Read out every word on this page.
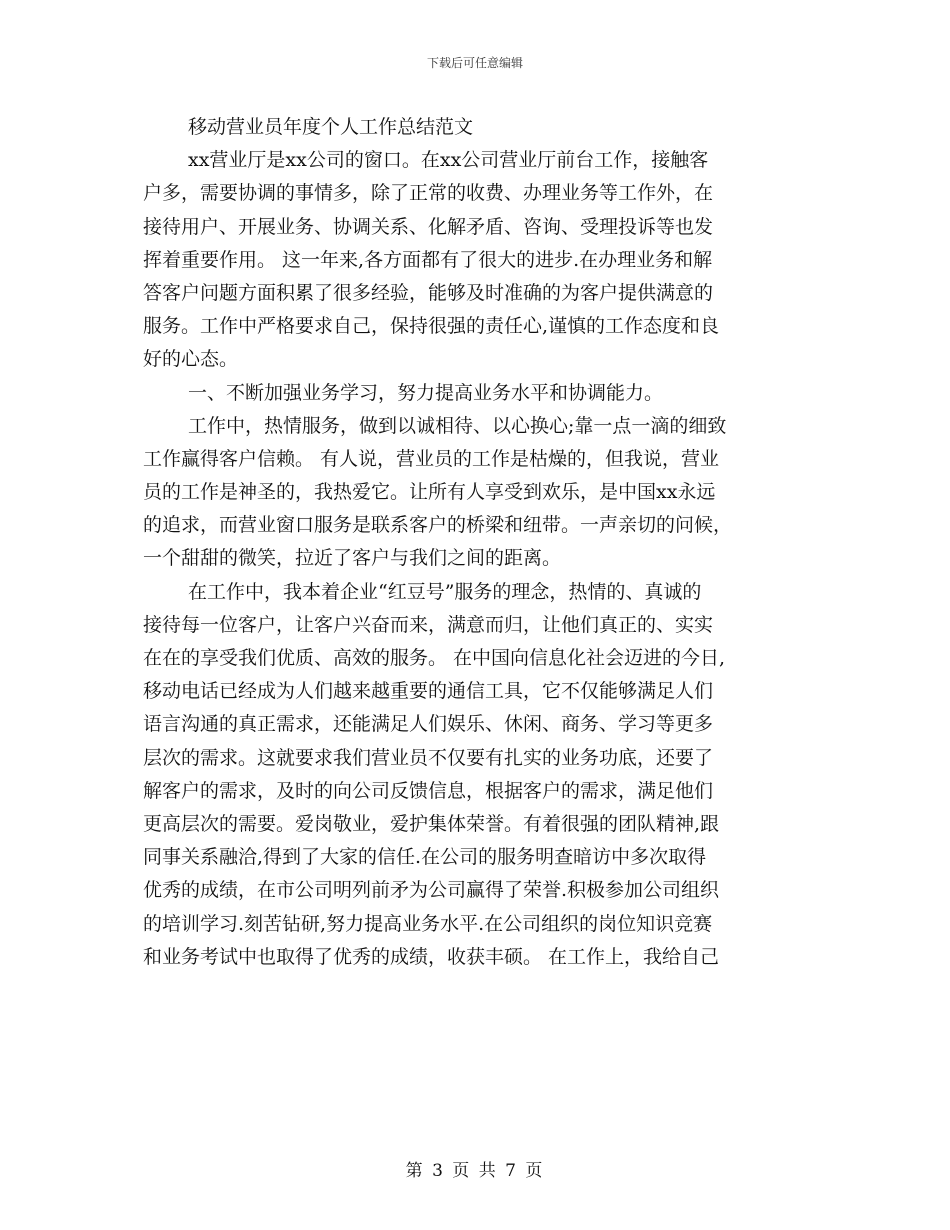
下载后可任意编辑
移动营业员年度个人工作总结范文
xx营业厅是xx公司的窗口。在xx公司营业厅前台工作，接触客
户多，需要协调的事情多，除了正常的收费、办理业务等工作外，在
接待用户、开展业务、协调关系、化解矛盾、咨询、受理投诉等也发
挥着重要作用。 这一年来,各方面都有了很大的进步.在办理业务和解
答客户问题方面积累了很多经验，能够及时准确的为客户提供满意的
服务。工作中严格要求自己，保持很强的责任心,谨慎的工作态度和良
好的心态。
一、不断加强业务学习，努力提高业务水平和协调能力。
工作中，热情服务，做到以诚相待、以心换心;靠一点一滴的细致
工作赢得客户信赖。 有人说，营业员的工作是枯燥的，但我说，营业
员的工作是神圣的，我热爱它。让所有人享受到欢乐，是中国xx永远
的追求，而营业窗口服务是联系客户的桥梁和纽带。一声亲切的问候，
一个甜甜的微笑，拉近了客户与我们之间的距离。
在工作中，我本着企业“红豆号”服务的理念，热情的、真诚的
接待每一位客户，让客户兴奋而来，满意而归，让他们真正的、实实
在在的享受我们优质、高效的服务。 在中国向信息化社会迈进的今日,
移动电话已经成为人们越来越重要的通信工具，它不仅能够满足人们
语言沟通的真正需求，还能满足人们娱乐、休闲、商务、学习等更多
层次的需求。这就要求我们营业员不仅要有扎实的业务功底，还要了
解客户的需求，及时的向公司反馈信息，根据客户的需求，满足他们
更高层次的需要。爱岗敬业，爱护集体荣誉。有着很强的团队精神,跟
同事关系融洽,得到了大家的信任.在公司的服务明查暗访中多次取得
优秀的成绩，在市公司明列前矛为公司赢得了荣誉.积极参加公司组织
的培训学习.刻苦钻研,努力提高业务水平.在公司组织的岗位知识竞赛
和业务考试中也取得了优秀的成绩，收获丰硕。 在工作上，我给自己
第 3 页 共 7 页
